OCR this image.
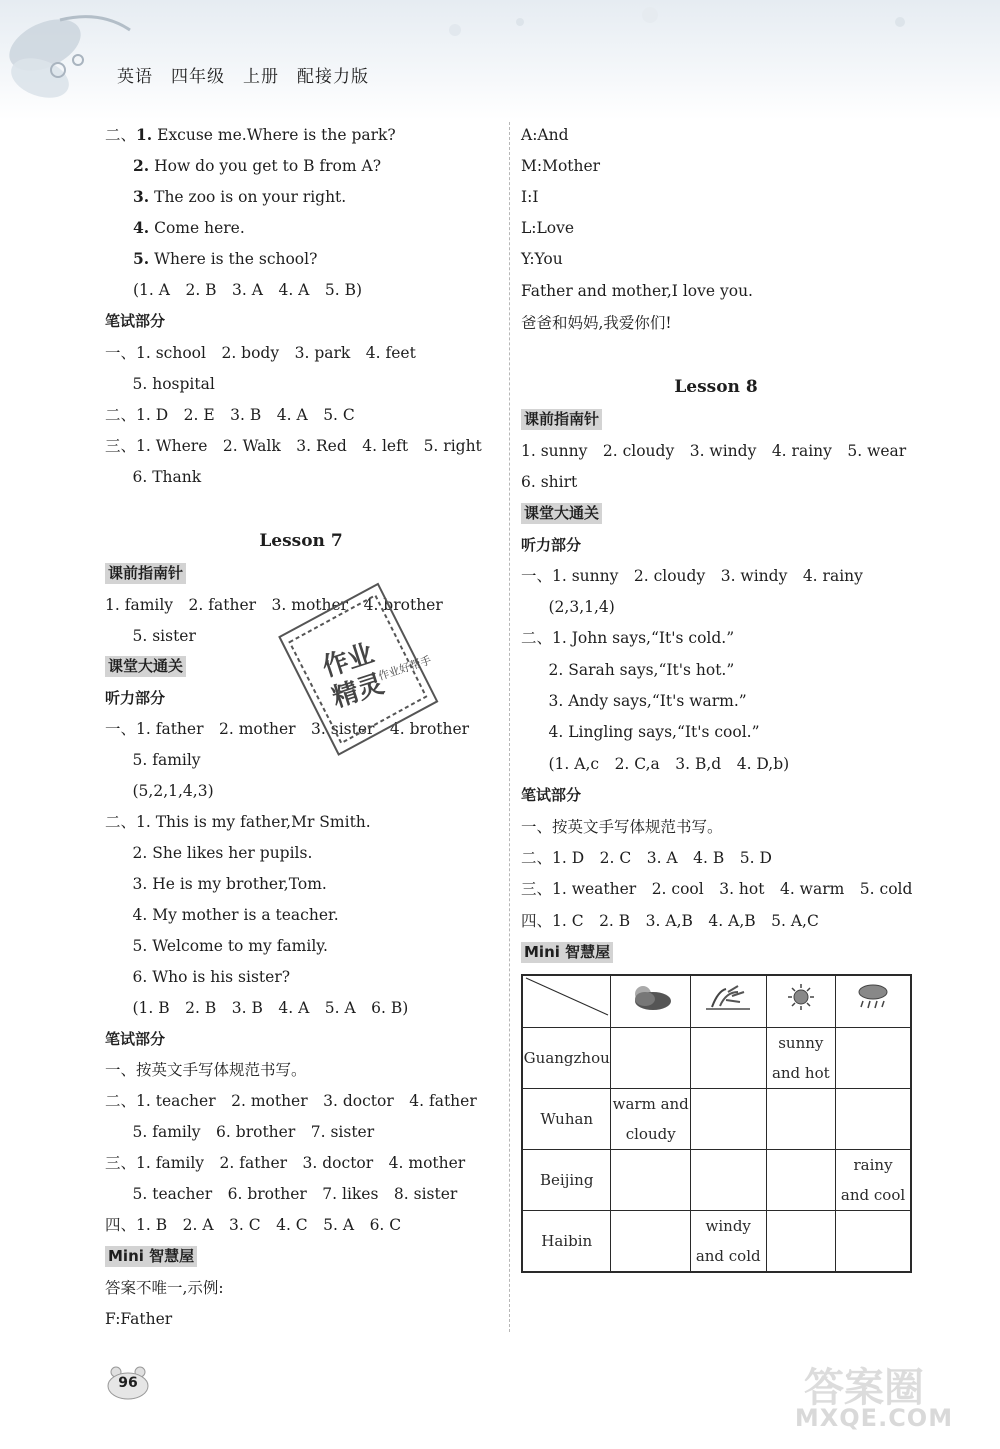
英语　四年级　上册　配接力版
二、1. Excuse me.Where is the park?
2. How do you get to B from A?
3. The zoo is on your right.
4. Come here.
5. Where is the school?
(1. A　2. B　3. A　4. A　5. B)
笔试部分
一、1. school　2. body　3. park　4. feet
　5. hospital
二、1. D　2. E　3. B　4. A　5. C
三、1. Where　2. Walk　3. Red　4. left　5. right
　6. Thank
Lesson 7
课前指南针
1. family　2. father　3. mother　4. brother
　5. sister
课堂大通关
听力部分
一、1. father　2. mother　3. sister　4. brother
　5. family
　(5,2,1,4,3)
二、1. This is my father,Mr Smith.
　2. She likes her pupils.
　3. He is my brother,Tom.
　4. My mother is a teacher.
　5. Welcome to my family.
　6. Who is his sister?
　(1. B　2. B　3. B　4. A　5. A　6. B)
笔试部分
一、按英文手写体规范书写。
二、1. teacher　2. mother　3. doctor　4. father
　5. family　6. brother　7. sister
三、1. family　2. father　3. doctor　4. mother
　5. teacher　6. brother　7. likes　8. sister
四、1. B　2. A　3. C　4. C　5. A　6. C
Mini 智慧屋
答案不唯一,示例:
F:Father
作业
精灵
作业好帮手
A:And
M:Mother
I:I
L:Love
Y:You
Father and mother,I love you.
爸爸和妈妈,我爱你们!
Lesson 8
课前指南针
1. sunny　2. cloudy　3. windy　4. rainy　5. wear
6. shirt
课堂大通关
听力部分
一、1. sunny　2. cloudy　3. windy　4. rainy
　(2,3,1,4)
二、1. John says,“It's cold.”
　2. Sarah says,“It's hot.”
　3. Andy says,“It's warm.”
　4. Lingling says,“It's cool.”
　(1. A,c　2. C,a　3. B,d　4. D,b)
笔试部分
一、按英文手写体规范书写。
二、1. D　2. C　3. A　4. B　5. D
三、1. weather　2. cool　3. hot　4. warm　5. cold
四、1. C　2. B　3. A,B　4. A,B　5. A,C
Mini 智慧屋

Guangzhou			sunny
and hot	
Wuhan	warm and
cloudy			
Beijing				rainy
and cool
Haibin		windy
and cold		
96	答案圈
MXQE.COM
